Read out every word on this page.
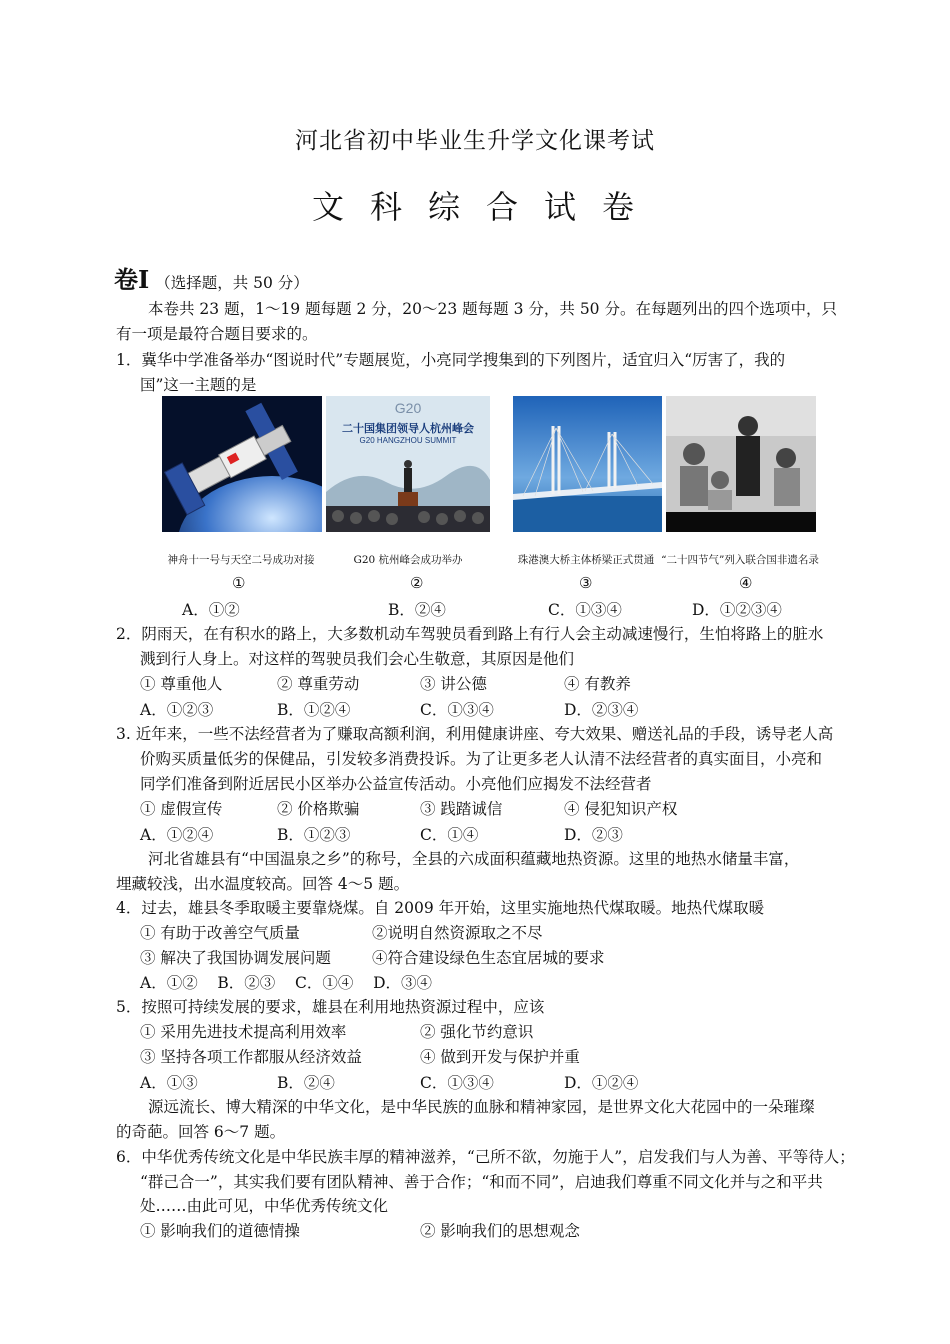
河北省初中毕业生升学文化课考试
文科综合试卷
卷Ⅰ （选择题，共 50 分）
本卷共 23 题，1～19 题每题 2 分，20～23 题每题 3 分，共 50 分。在每题列出的四个选项中，只
有一项是最符合题目要求的。
1．冀华中学准备举办“图说时代”专题展览，小亮同学搜集到的下列图片，适宜归入“厉害了，我的
国”这一主题的是
G20
二十国集团领导人杭州峰会
G20 HANGZHOU SUMMIT
神舟十一号与天空二号成功对接	G20 杭州峰会成功举办	珠港澳大桥主体桥梁正式贯通 “二十四节气”列入联合国非遗名录
①	②	③	④
A．①②	B．②④	C．①③④	D．①②③④
2．阴雨天，在有积水的路上，大多数机动车驾驶员看到路上有行人会主动减速慢行，生怕将路上的脏水
溅到行人身上。对这样的驾驶员我们会心生敬意，其原因是他们
① 尊重他人	② 尊重劳动	③ 讲公德	④ 有教养
A．①②③	B．①②④	C．①③④	D．②③④
3. 近年来，一些不法经营者为了赚取高额利润，利用健康讲座、夸大效果、赠送礼品的手段，诱导老人高
价购买质量低劣的保健品，引发较多消费投诉。为了让更多老人认清不法经营者的真实面目，小亮和
同学们准备到附近居民小区举办公益宣传活动。小亮他们应揭发不法经营者
① 虚假宣传	② 价格欺骗	③ 践踏诚信	④ 侵犯知识产权
A．①②④	B．①②③	C．①④	D．②③
河北省雄县有“中国温泉之乡”的称号，全县的六成面积蕴藏地热资源。这里的地热水储量丰富，
埋藏较浅，出水温度较高。回答 4～5 题。
4．过去，雄县冬季取暖主要靠烧煤。自 2009 年开始，这里实施地热代煤取暖。地热代煤取暖
① 有助于改善空气质量	②说明自然资源取之不尽
③ 解决了我国协调发展问题	④符合建设绿色生态宜居城的要求
A．①②    B．②③    C．①④    D．③④
5．按照可持续发展的要求，雄县在利用地热资源过程中，应该
① 采用先进技术提高利用效率	② 强化节约意识
③ 坚持各项工作都服从经济效益	④ 做到开发与保护并重
A．①③	B．②④	C．①③④	D．①②④
源远流长、博大精深的中华文化，是中华民族的血脉和精神家园，是世界文化大花园中的一朵璀璨
的奇葩。回答 6～7 题。
6．中华优秀传统文化是中华民族丰厚的精神滋养，“己所不欲，勿施于人”，启发我们与人为善、平等待人；
“群己合一”，其实我们要有团队精神、善于合作；“和而不同”，启迪我们尊重不同文化并与之和平共
处……由此可见，中华优秀传统文化
① 影响我们的道德情操	② 影响我们的思想观念
